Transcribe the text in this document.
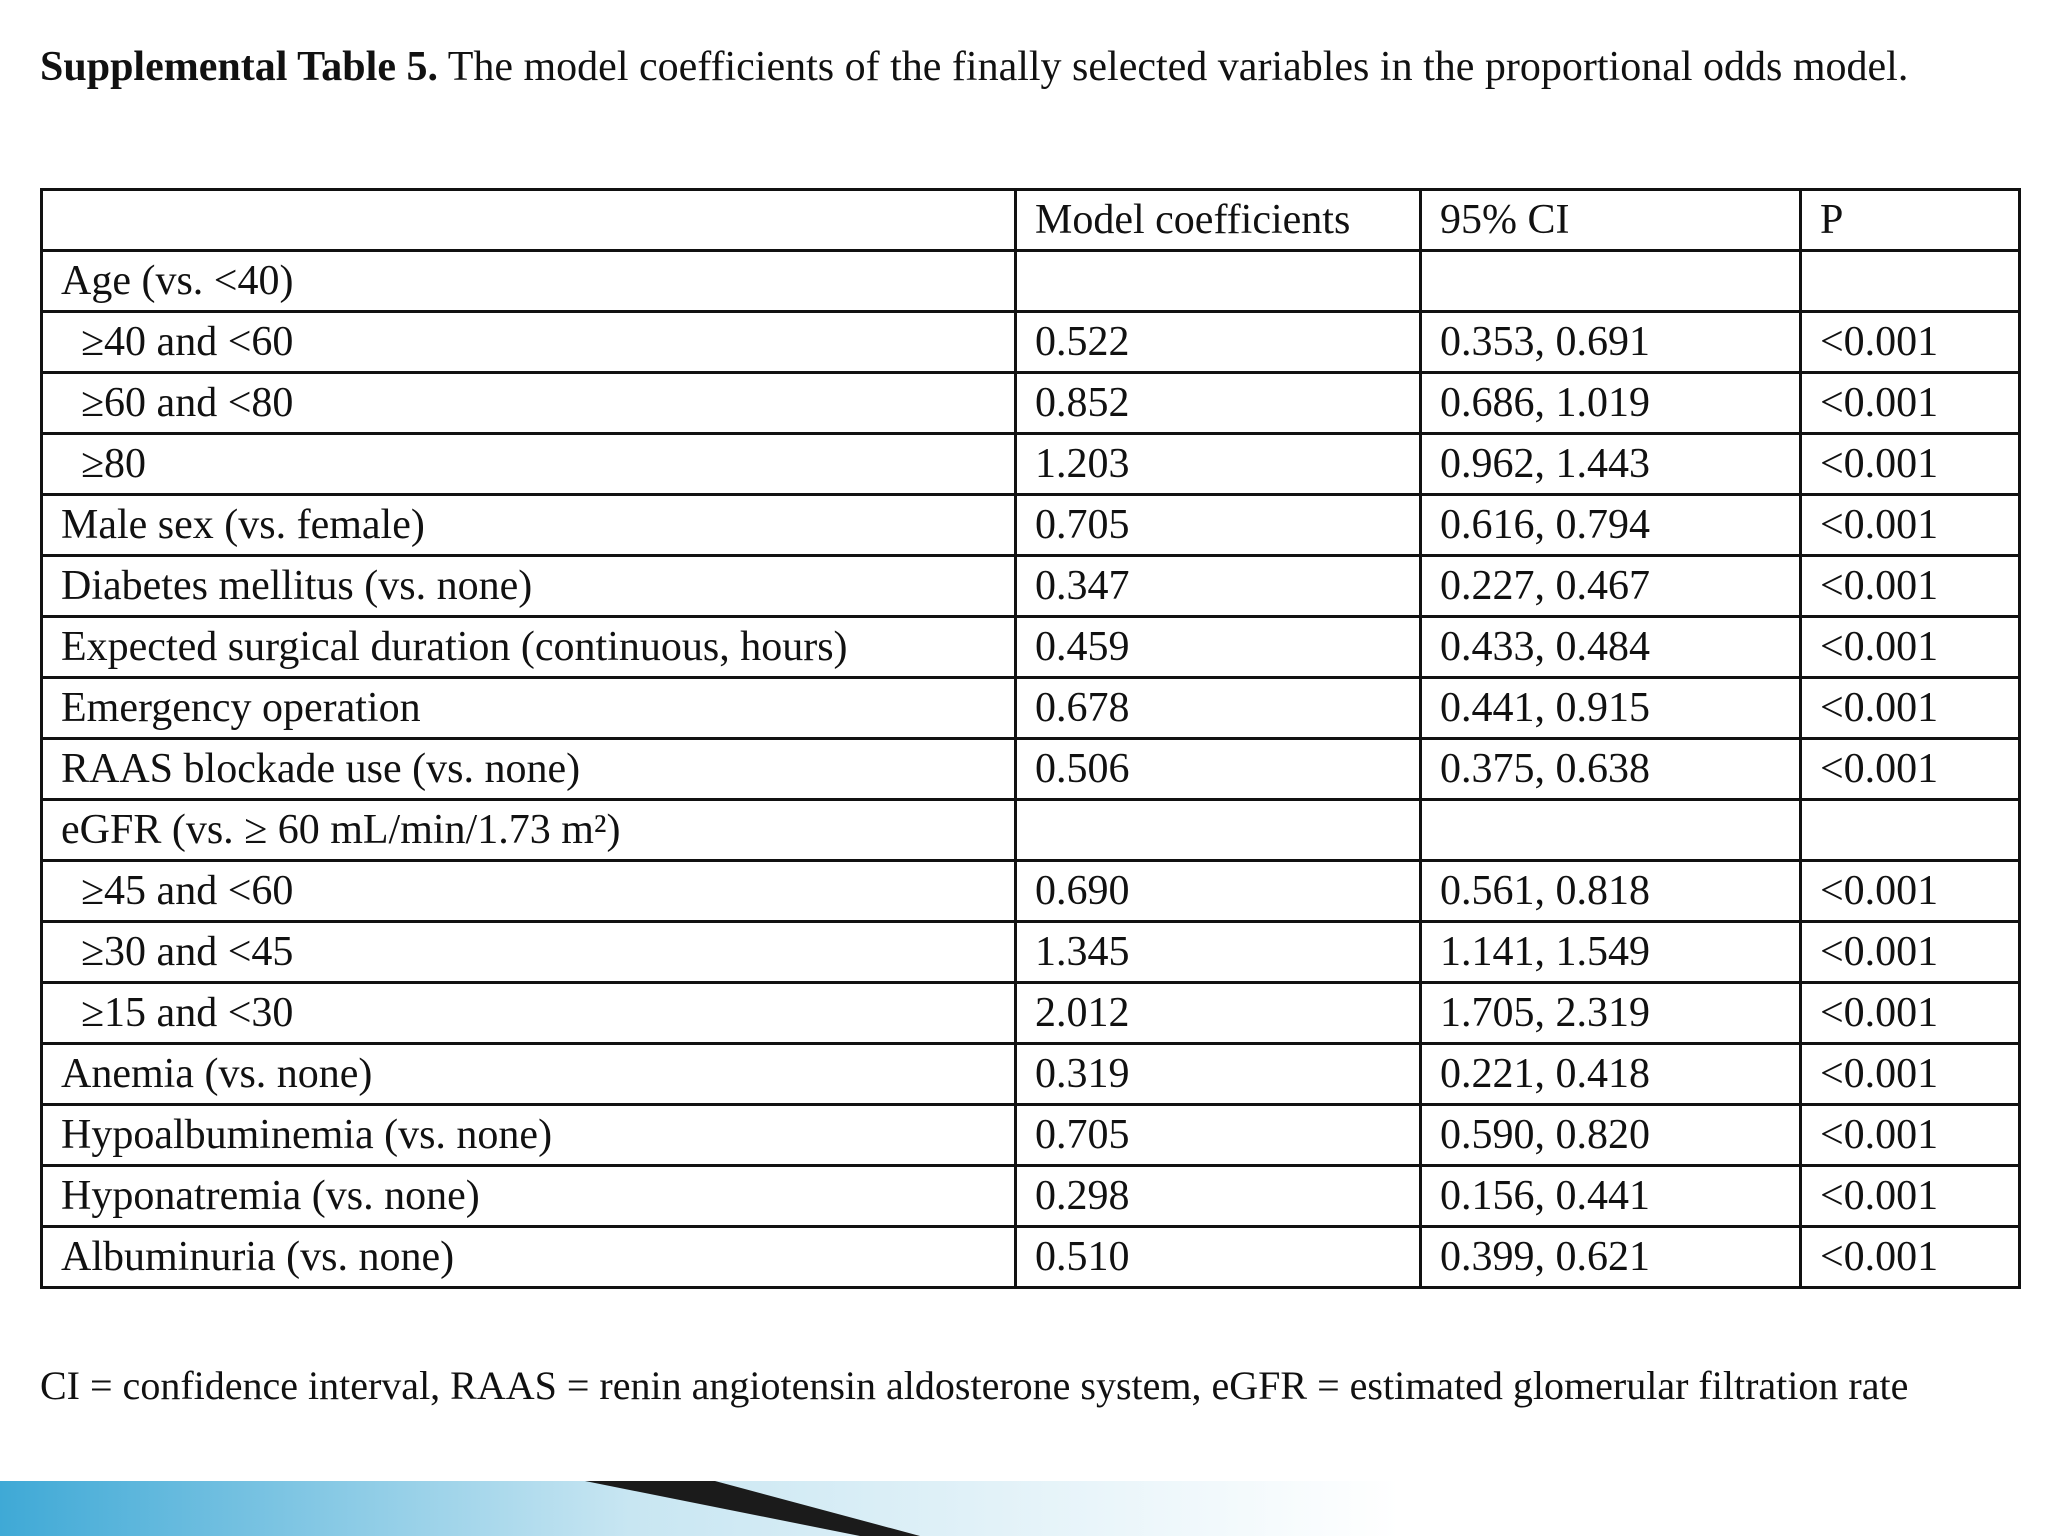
Supplemental Table 5. The model coefficients of the finally selected variables in the proportional odds model.
	Model coefficients	95% CI	P
Age (vs. <40)			
≥40 and <60	0.522	0.353, 0.691	<0.001
≥60 and <80	0.852	0.686, 1.019	<0.001
≥80	1.203	0.962, 1.443	<0.001
Male sex (vs. female)	0.705	0.616, 0.794	<0.001
Diabetes mellitus (vs. none)	0.347	0.227, 0.467	<0.001
Expected surgical duration (continuous, hours)	0.459	0.433, 0.484	<0.001
Emergency operation	0.678	0.441, 0.915	<0.001
RAAS blockade use (vs. none)	0.506	0.375, 0.638	<0.001
eGFR (vs. ≥ 60 mL/min/1.73 m²)			
≥45 and <60	0.690	0.561, 0.818	<0.001
≥30 and <45	1.345	1.141, 1.549	<0.001
≥15 and <30	2.012	1.705, 2.319	<0.001
Anemia (vs. none)	0.319	0.221, 0.418	<0.001
Hypoalbuminemia (vs. none)	0.705	0.590, 0.820	<0.001
Hyponatremia (vs. none)	0.298	0.156, 0.441	<0.001
Albuminuria (vs. none)	0.510	0.399, 0.621	<0.001
CI = confidence interval, RAAS = renin angiotensin aldosterone system, eGFR = estimated glomerular filtration rate
